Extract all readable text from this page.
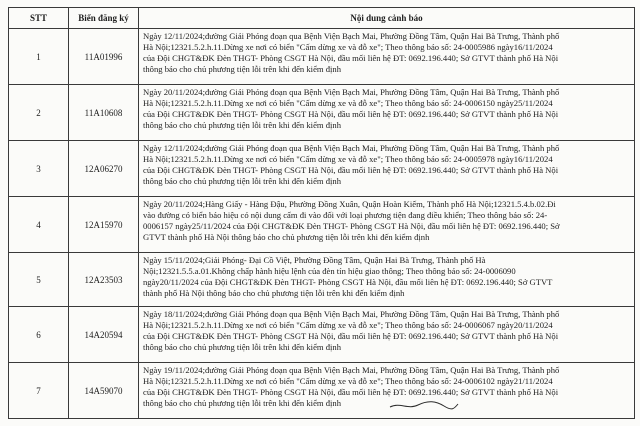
STT	Biển đăng ký	Nội dung cảnh báo
1	11A01996	Ngày 12/11/2024;đường Giải Phóng đoạn qua Bệnh Viện Bạch Mai, Phường Đồng Tâm, Quận Hai Bà Trưng, Thành phố
Hà Nội;12321.5.2.h.11.Dừng xe nơi có biển "Cấm dừng xe và đỗ xe"; Theo thông báo số: 24-0005986 ngày16/11/2024
của Đội CHGT&ĐK Đèn THGT- Phòng CSGT Hà Nội, đầu mối liên hệ ĐT: 0692.196.440; Sở GTVT thành phố Hà Nội
thông báo cho chủ phương tiện lỗi trên khi đến kiểm định
2	11A10608	Ngày 20/11/2024;đường Giải Phóng đoạn qua Bệnh Viện Bạch Mai, Phường Đồng Tâm, Quận Hai Bà Trưng, Thành phố
Hà Nội;12321.5.2.h.11.Dừng xe nơi có biển "Cấm dừng xe và đỗ xe"; Theo thông báo số: 24-0006150 ngày25/11/2024
của Đội CHGT&ĐK Đèn THGT- Phòng CSGT Hà Nội, đầu mối liên hệ ĐT: 0692.196.440; Sở GTVT thành phố Hà Nội
thông báo cho chủ phương tiện lỗi trên khi đến kiểm định
3	12A06270	Ngày 12/11/2024;đường Giải Phóng đoạn qua Bệnh Viện Bạch Mai, Phường Đồng Tâm, Quận Hai Bà Trưng, Thành phố
Hà Nội;12321.5.2.h.11.Dừng xe nơi có biển "Cấm dừng xe và đỗ xe"; Theo thông báo số: 24-0005978 ngày16/11/2024
của Đội CHGT&ĐK Đèn THGT- Phòng CSGT Hà Nội, đầu mối liên hệ ĐT: 0692.196.440; Sở GTVT thành phố Hà Nội
thông báo cho chủ phương tiện lỗi trên khi đến kiểm định
4	12A15970	Ngày 20/11/2024;Hàng Giấy - Hàng Đậu, Phường Đồng Xuân, Quận Hoàn Kiếm, Thành phố Hà Nội;12321.5.4.b.02.Đi
vào đường có biển báo hiệu có nội dung cấm đi vào đối với loại phương tiện đang điều khiển; Theo thông báo số: 24-
0006157 ngày25/11/2024 của Đội CHGT&ĐK Đèn THGT- Phòng CSGT Hà Nội, đầu mối liên hệ ĐT: 0692.196.440; Sở
GTVT thành phố Hà Nội thông báo cho chủ phương tiện lỗi trên khi đến kiểm định
5	12A23503	Ngày 15/11/2024;Giải Phóng- Đại Cồ Việt, Phường Đồng Tâm, Quận Hai Bà Trưng, Thành phố Hà
Nội;12321.5.5.a.01.Không chấp hành hiệu lệnh của đèn tín hiệu giao thông; Theo thông báo số: 24-0006090
ngày20/11/2024 của Đội CHGT&ĐK Đèn THGT- Phòng CSGT Hà Nội, đầu mối liên hệ ĐT: 0692.196.440; Sở GTVT
thành phố Hà Nội thông báo cho chủ phương tiện lỗi trên khi đến kiểm định
6	14A20594	Ngày 18/11/2024;đường Giải Phóng đoạn qua Bệnh Viện Bạch Mai, Phường Đồng Tâm, Quận Hai Bà Trưng, Thành phố
Hà Nội;12321.5.2.h.11.Dừng xe nơi có biển "Cấm dừng xe và đỗ xe"; Theo thông báo số: 24-0006067 ngày20/11/2024
của Đội CHGT&ĐK Đèn THGT- Phòng CSGT Hà Nội, đầu mối liên hệ ĐT: 0692.196.440; Sở GTVT thành phố Hà Nội
thông báo cho chủ phương tiện lỗi trên khi đến kiểm định
7	14A59070	Ngày 19/11/2024;đường Giải Phóng đoạn qua Bệnh Viện Bạch Mai, Phường Đồng Tâm, Quận Hai Bà Trưng, Thành phố
Hà Nội;12321.5.2.h.11.Dừng xe nơi có biển "Cấm dừng xe và đỗ xe"; Theo thông báo số: 24-0006102 ngày21/11/2024
của Đội CHGT&ĐK Đèn THGT- Phòng CSGT Hà Nội, đầu mối liên hệ ĐT: 0692.196.440; Sở GTVT thành phố Hà Nội
thông báo cho chủ phương tiện lỗi trên khi đến kiểm định
